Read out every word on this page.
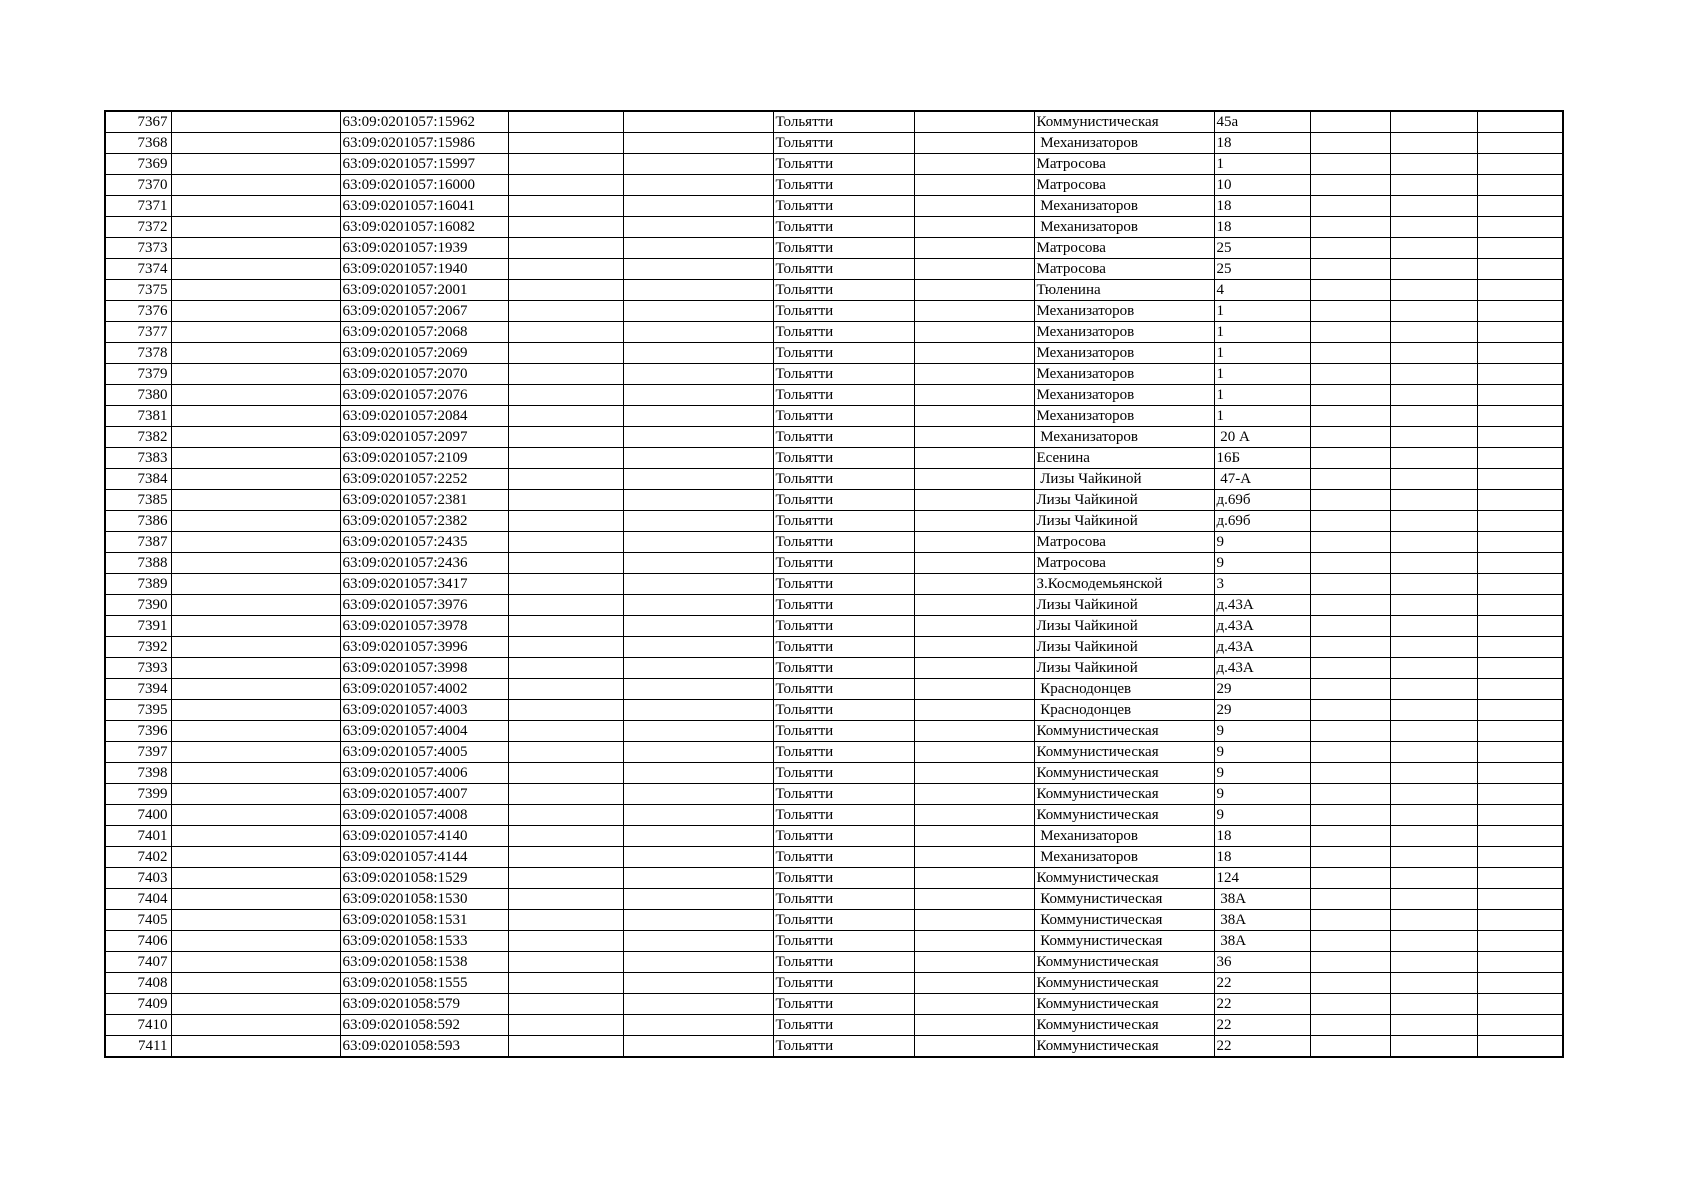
7367		63:09:0201057:15962			Тольятти		Коммунистическая	45а			
7368		63:09:0201057:15986			Тольятти		Механизаторов	18			
7369		63:09:0201057:15997			Тольятти		Матросова	1			
7370		63:09:0201057:16000			Тольятти		Матросова	10			
7371		63:09:0201057:16041			Тольятти		Механизаторов	18			
7372		63:09:0201057:16082			Тольятти		Механизаторов	18			
7373		63:09:0201057:1939			Тольятти		Матросова	25			
7374		63:09:0201057:1940			Тольятти		Матросова	25			
7375		63:09:0201057:2001			Тольятти		Тюленина	4			
7376		63:09:0201057:2067			Тольятти		Механизаторов	1			
7377		63:09:0201057:2068			Тольятти		Механизаторов	1			
7378		63:09:0201057:2069			Тольятти		Механизаторов	1			
7379		63:09:0201057:2070			Тольятти		Механизаторов	1			
7380		63:09:0201057:2076			Тольятти		Механизаторов	1			
7381		63:09:0201057:2084			Тольятти		Механизаторов	1			
7382		63:09:0201057:2097			Тольятти		Механизаторов	20 А			
7383		63:09:0201057:2109			Тольятти		Есенина	16Б			
7384		63:09:0201057:2252			Тольятти		Лизы Чайкиной	47-А			
7385		63:09:0201057:2381			Тольятти		Лизы Чайкиной	д.69б			
7386		63:09:0201057:2382			Тольятти		Лизы Чайкиной	д.69б			
7387		63:09:0201057:2435			Тольятти		Матросова	9			
7388		63:09:0201057:2436			Тольятти		Матросова	9			
7389		63:09:0201057:3417			Тольятти		З.Космодемьянской	3			
7390		63:09:0201057:3976			Тольятти		Лизы Чайкиной	д.43А			
7391		63:09:0201057:3978			Тольятти		Лизы Чайкиной	д.43А			
7392		63:09:0201057:3996			Тольятти		Лизы Чайкиной	д.43А			
7393		63:09:0201057:3998			Тольятти		Лизы Чайкиной	д.43А			
7394		63:09:0201057:4002			Тольятти		Краснодонцев	29			
7395		63:09:0201057:4003			Тольятти		Краснодонцев	29			
7396		63:09:0201057:4004			Тольятти		Коммунистическая	9			
7397		63:09:0201057:4005			Тольятти		Коммунистическая	9			
7398		63:09:0201057:4006			Тольятти		Коммунистическая	9			
7399		63:09:0201057:4007			Тольятти		Коммунистическая	9			
7400		63:09:0201057:4008			Тольятти		Коммунистическая	9			
7401		63:09:0201057:4140			Тольятти		Механизаторов	18			
7402		63:09:0201057:4144			Тольятти		Механизаторов	18			
7403		63:09:0201058:1529			Тольятти		Коммунистическая	124			
7404		63:09:0201058:1530			Тольятти		Коммунистическая	38А			
7405		63:09:0201058:1531			Тольятти		Коммунистическая	38А			
7406		63:09:0201058:1533			Тольятти		Коммунистическая	38А			
7407		63:09:0201058:1538			Тольятти		Коммунистическая	36			
7408		63:09:0201058:1555			Тольятти		Коммунистическая	22			
7409		63:09:0201058:579			Тольятти		Коммунистическая	22			
7410		63:09:0201058:592			Тольятти		Коммунистическая	22			
7411		63:09:0201058:593			Тольятти		Коммунистическая	22			
